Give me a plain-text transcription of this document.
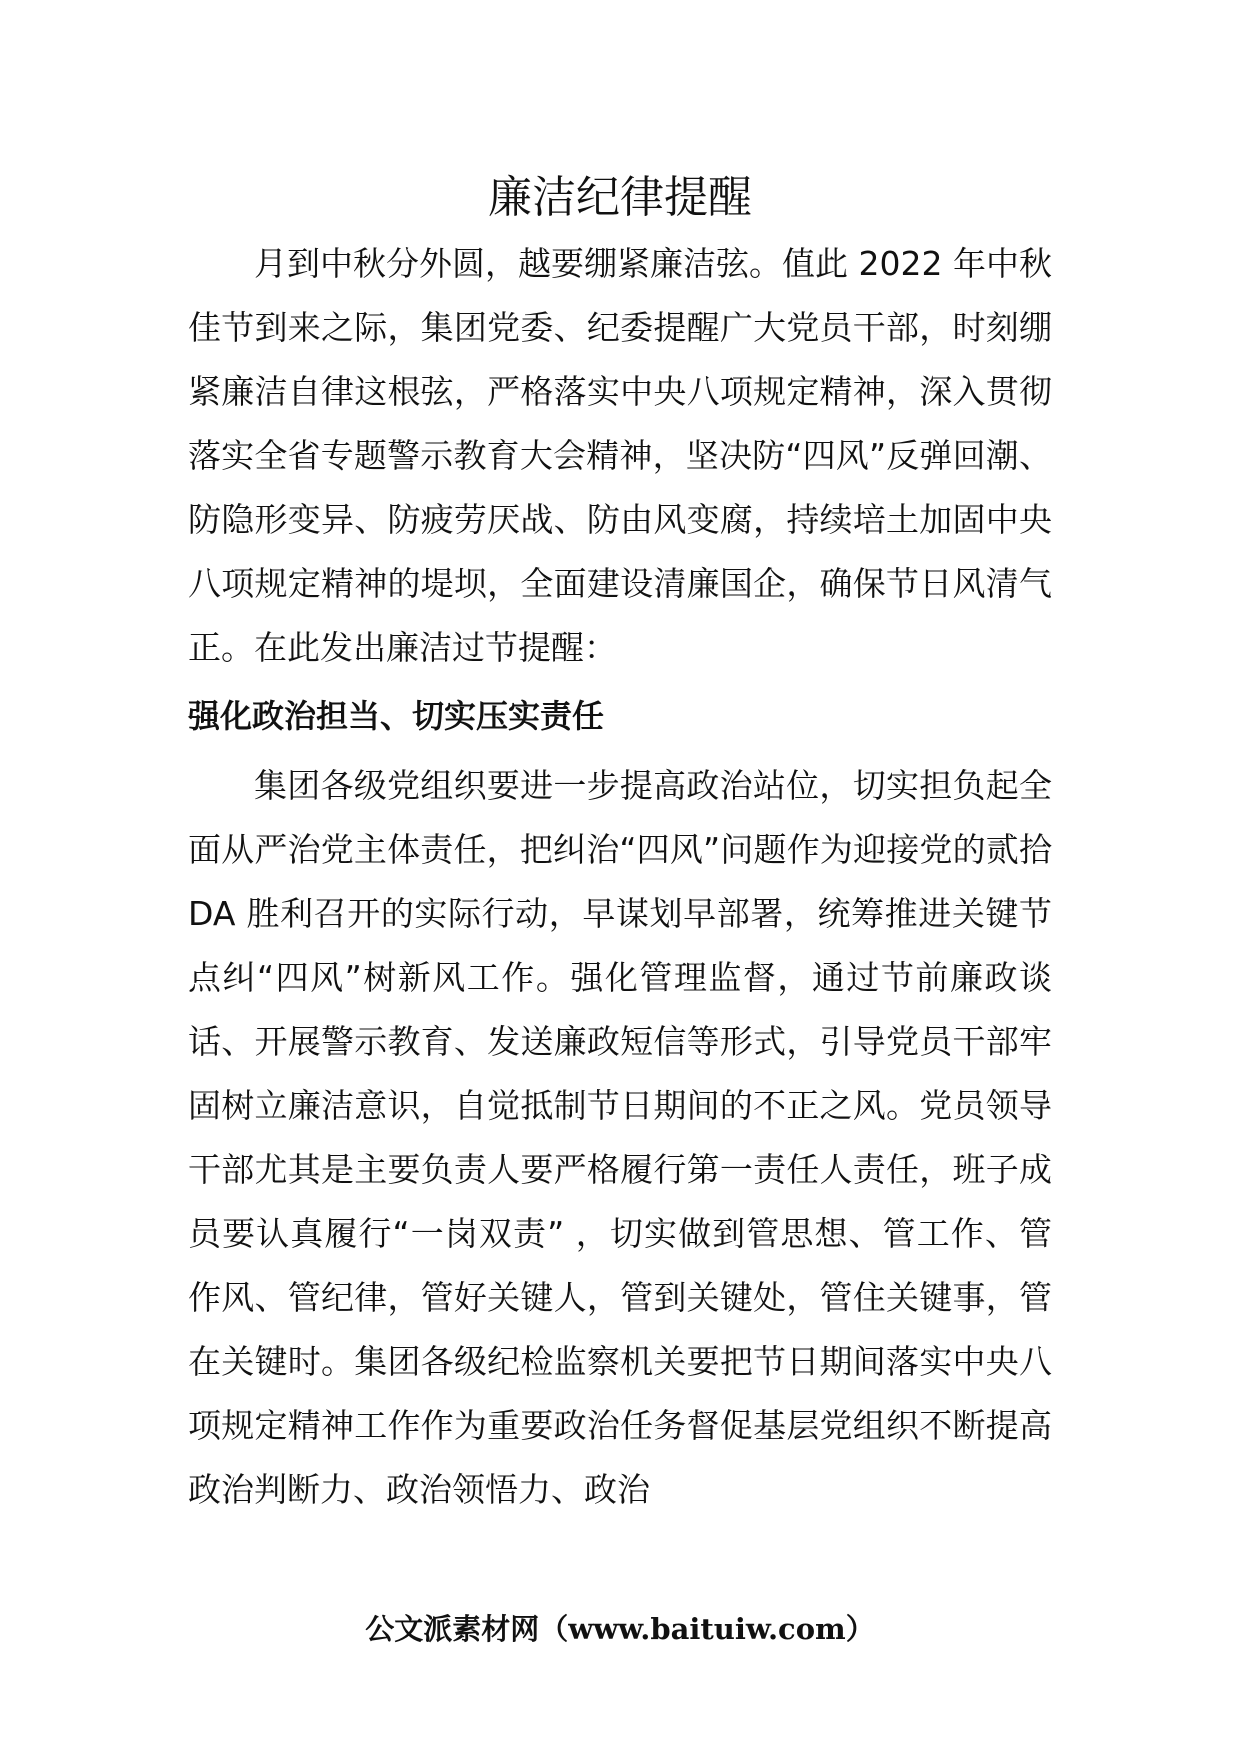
廉洁纪律提醒

月到中秋分外圆，越要绷紧廉洁弦。值此 2022 年中秋佳节到来之际，集团党委、纪委提醒广大党员干部，时刻绷紧廉洁自律这根弦，严格落实中央八项规定精神，深入贯彻落实全省专题警示教育大会精神，坚决防“四风”反弹回潮、防隐形变异、防疲劳厌战、防由风变腐，持续培土加固中央八项规定精神的堤坝，全面建设清廉国企，确保节日风清气正。在此发出廉洁过节提醒：

强化政治担当、切实压实责任

集团各级党组织要进一步提高政治站位，切实担负起全面从严治党主体责任，把纠治“四风”问题作为迎接党的贰拾 DA 胜利召开的实际行动，早谋划早部署，统筹推进关键节点纠“四风”树新风工作。强化管理监督，通过节前廉政谈话、开展警示教育、发送廉政短信等形式，引导党员干部牢固树立廉洁意识，自觉抵制节日期间的不正之风。党员领导干部尤其是主要负责人要严格履行第一责任人责任，班子成员要认真履行“一岗双责” ，切实做到管思想、管工作、管作风、管纪律，管好关键人，管到关键处，管住关键事，管在关键时。集团各级纪检监察机关要把节日期间落实中央八项规定精神工作作为重要政治任务督促基层党组织不断提高政治判断力、政治领悟力、政治

公文派素材网（www.baituiw.com）
